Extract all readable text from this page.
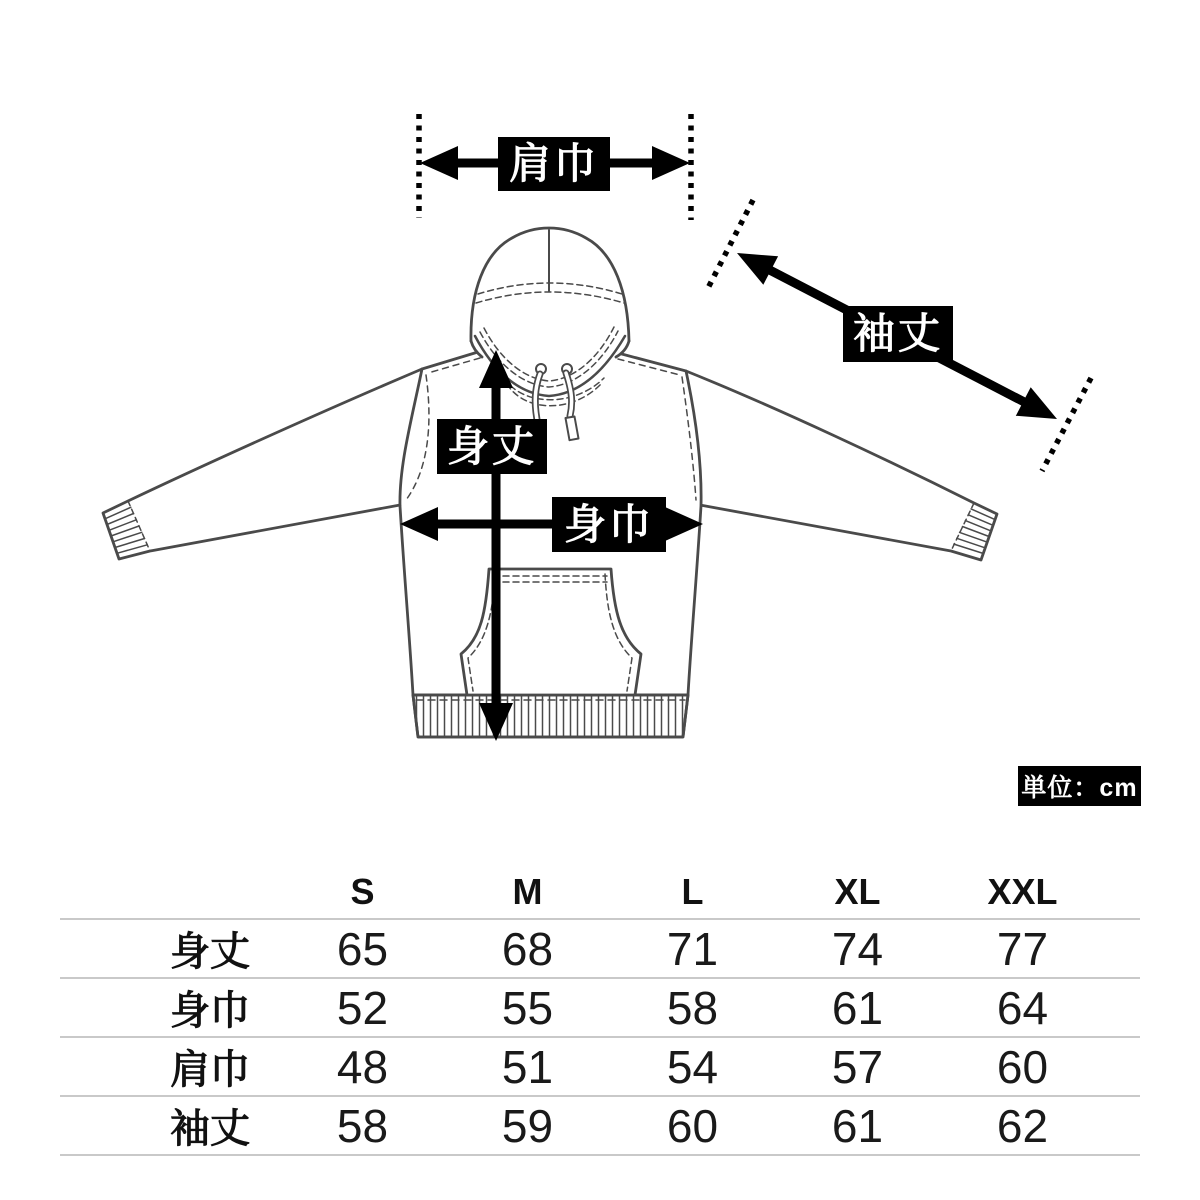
肩巾
袖丈
身丈
身巾
単位：cm
	S	M	L	XL	XXL	
身丈	65	68	71	74	77	
身巾	52	55	58	61	64	
肩巾	48	51	54	57	60	
袖丈	58	59	60	61	62	
